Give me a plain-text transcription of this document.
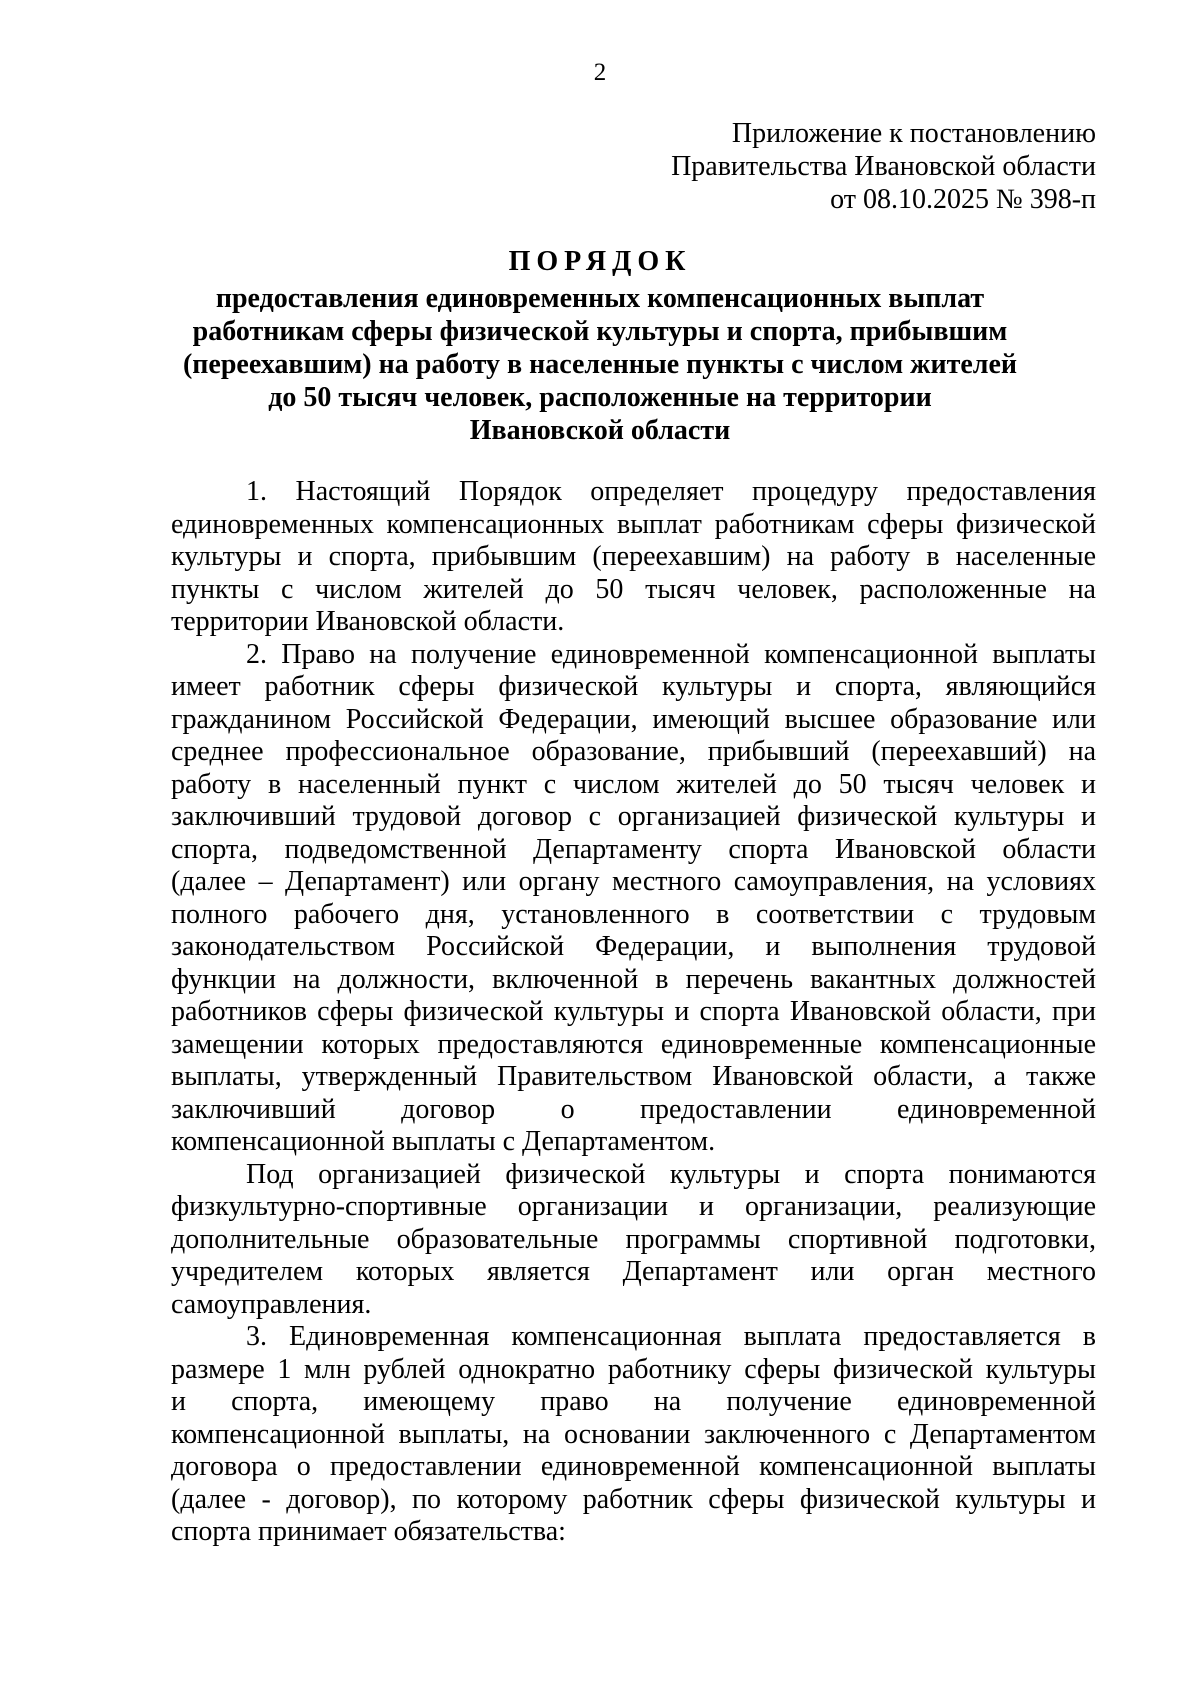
2
Приложение к постановлению
Правительства Ивановской области
от 08.10.2025 № 398-п
ПОРЯДОК
предоставления единовременных компенсационных выплат
работникам сферы физической культуры и спорта, прибывшим
(переехавшим) на работу в населенные пункты с числом жителей
до 50 тысяч человек, расположенные на территории
Ивановской области
1. Настоящий Порядок определяет процедуру предоставления
единовременных компенсационных выплат работникам сферы физической
культуры и спорта, прибывшим (переехавшим) на работу в населенные
пункты с числом жителей до 50 тысяч человек, расположенные на
территории Ивановской области.
2. Право на получение единовременной компенсационной выплаты
имеет работник сферы физической культуры и спорта, являющийся
гражданином Российской Федерации, имеющий высшее образование или
среднее профессиональное образование, прибывший (переехавший) на
работу в населенный пункт с числом жителей до 50 тысяч человек и
заключивший трудовой договор с организацией физической культуры и
спорта, подведомственной Департаменту спорта Ивановской области
(далее – Департамент) или органу местного самоуправления, на условиях
полного рабочего дня, установленного в соответствии с трудовым
законодательством Российской Федерации, и выполнения трудовой
функции на должности, включенной в перечень вакантных должностей
работников сферы физической культуры и спорта Ивановской области, при
замещении которых предоставляются единовременные компенсационные
выплаты, утвержденный Правительством Ивановской области, а также
заключивший договор о предоставлении единовременной
компенсационной выплаты с Департаментом.
Под организацией физической культуры и спорта понимаются
физкультурно-спортивные организации и организации, реализующие
дополнительные образовательные программы спортивной подготовки,
учредителем которых является Департамент или орган местного
самоуправления.
3. Единовременная компенсационная выплата предоставляется в
размере 1 млн рублей однократно работнику сферы физической культуры
и спорта, имеющему право на получение единовременной
компенсационной выплаты, на основании заключенного с Департаментом
договора о предоставлении единовременной компенсационной выплаты
(далее - договор), по которому работник сферы физической культуры и
спорта принимает обязательства:
